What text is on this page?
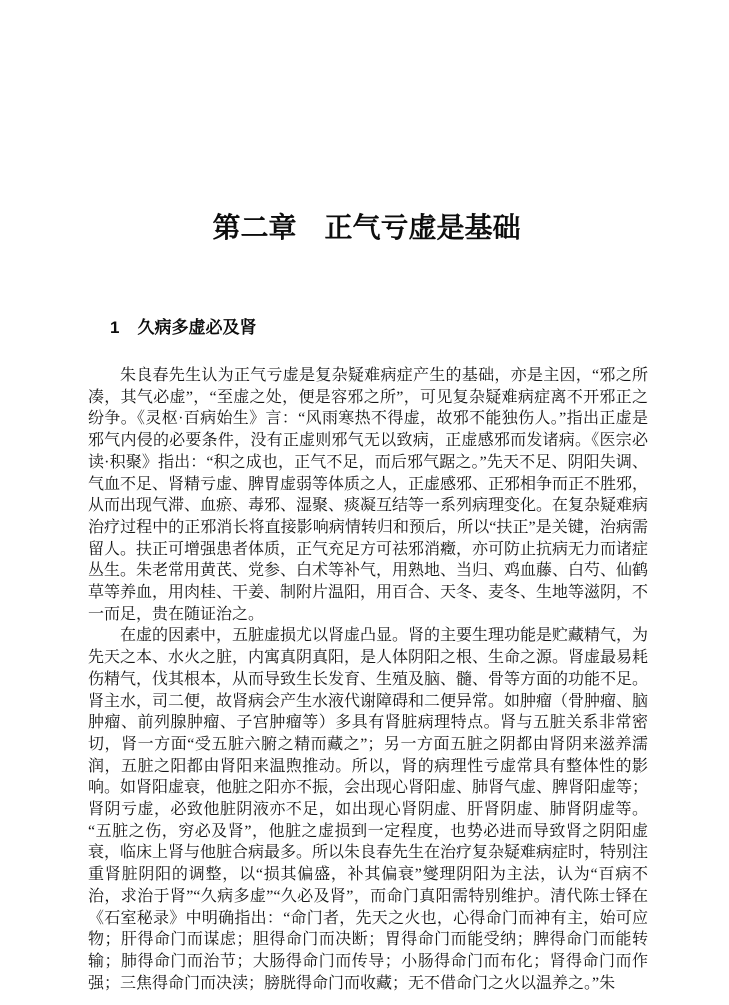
第二章　正气亏虚是基础
1 久病多虚必及肾

朱良春先生认为正气亏虚是复杂疑难病症产生的基础，亦是主因，“邪之所凑，其气必虚”，“至虚之处，便是容邪之所”，可见复杂疑难病症离不开邪正之纷争。《灵枢·百病始生》言：“风雨寒热不得虚，故邪不能独伤人。”指出正虚是邪气内侵的必要条件，没有正虚则邪气无以致病，正虚感邪而发诸病。《医宗必读·积聚》指出：“积之成也，正气不足，而后邪气踞之。”先天不足、阴阳失调、气血不足、肾精亏虚、脾胃虚弱等体质之人，正虚感邪、正邪相争而正不胜邪，从而出现气滞、血瘀、毒邪、湿聚、痰凝互结等一系列病理变化。在复杂疑难病治疗过程中的正邪消长将直接影响病情转归和预后，所以“扶正”是关键，治病需留人。扶正可增强患者体质，正气充足方可祛邪消癥，亦可防止抗病无力而诸症丛生。朱老常用黄芪、党参、白术等补气，用熟地、当归、鸡血藤、白芍、仙鹤草等养血，用肉桂、干姜、制附片温阳，用百合、天冬、麦冬、生地等滋阴，不一而足，贵在随证治之。

在虚的因素中，五脏虚损尤以肾虚凸显。肾的主要生理功能是贮藏精气，为先天之本、水火之脏，内寓真阴真阳，是人体阴阳之根、生命之源。肾虚最易耗伤精气，伐其根本，从而导致生长发育、生殖及脑、髓、骨等方面的功能不足。肾主水，司二便，故肾病会产生水液代谢障碍和二便异常。如肿瘤（骨肿瘤、脑肿瘤、前列腺肿瘤、子宫肿瘤等）多具有肾脏病理特点。肾与五脏关系非常密切，肾一方面“受五脏六腑之精而藏之”；另一方面五脏之阴都由肾阴来滋养濡润，五脏之阳都由肾阳来温煦推动。所以，肾的病理性亏虚常具有整体性的影响。如肾阳虚衰，他脏之阳亦不振，会出现心肾阳虚、肺肾气虚、脾肾阳虚等；肾阴亏虚，必致他脏阴液亦不足，如出现心肾阴虚、肝肾阴虚、肺肾阴虚等。“五脏之伤，穷必及肾”，他脏之虚损到一定程度，也势必进而导致肾之阴阳虚衰，临床上肾与他脏合病最多。所以朱良春先生在治疗复杂疑难病症时，特别注重肾脏阴阳的调整，以“损其偏盛，补其偏衰”燮理阴阳为主法，认为“百病不治，求治于肾”“久病多虚”“久必及肾”，而命门真阳需特别维护。清代陈士铎在《石室秘录》中明确指出：“命门者，先天之火也，心得命门而神有主，始可应物；肝得命门而谋虑；胆得命门而决断；胃得命门而能受纳；脾得命门而能转输；肺得命门而治节；大肠得命门而传导；小肠得命门而布化；肾得命门而作强；三焦得命门而决渎；膀胱得命门而收藏；无不借命门之火以温养之。”朱
